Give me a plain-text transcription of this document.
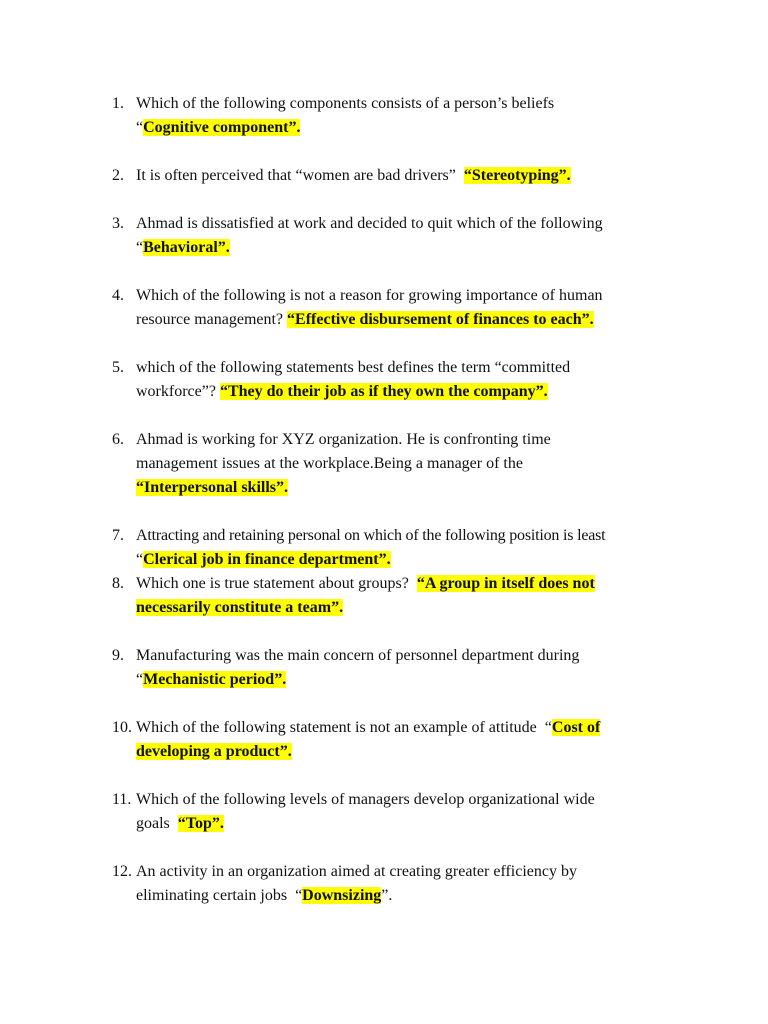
1. Which of the following components consists of a person’s beliefs
“Cognitive component”.
2. It is often perceived that “women are bad drivers”  “Stereotyping”.
3. Ahmad is dissatisfied at work and decided to quit which of the following
“Behavioral”.
4. Which of the following is not a reason for growing importance of human
resource management? “Effective disbursement of finances to each”.
5. which of the following statements best defines the term “committed
workforce”? “They do their job as if they own the company”.
6. Ahmad is working for XYZ organization. He is confronting time
management issues at the workplace.Being a manager of the
“Interpersonal skills”.
7. Attracting and retaining personal on which of the following position is least
“Clerical job in finance department”.
8. Which one is true statement about groups?  “A group in itself does not
necessarily constitute a team”.
9. Manufacturing was the main concern of personnel department during
“Mechanistic period”.
10. Which of the following statement is not an example of attitude  “Cost of
developing a product”.
11. Which of the following levels of managers develop organizational wide
goals  “Top”.
12. An activity in an organization aimed at creating greater efficiency by
eliminating certain jobs  “Downsizing”.
